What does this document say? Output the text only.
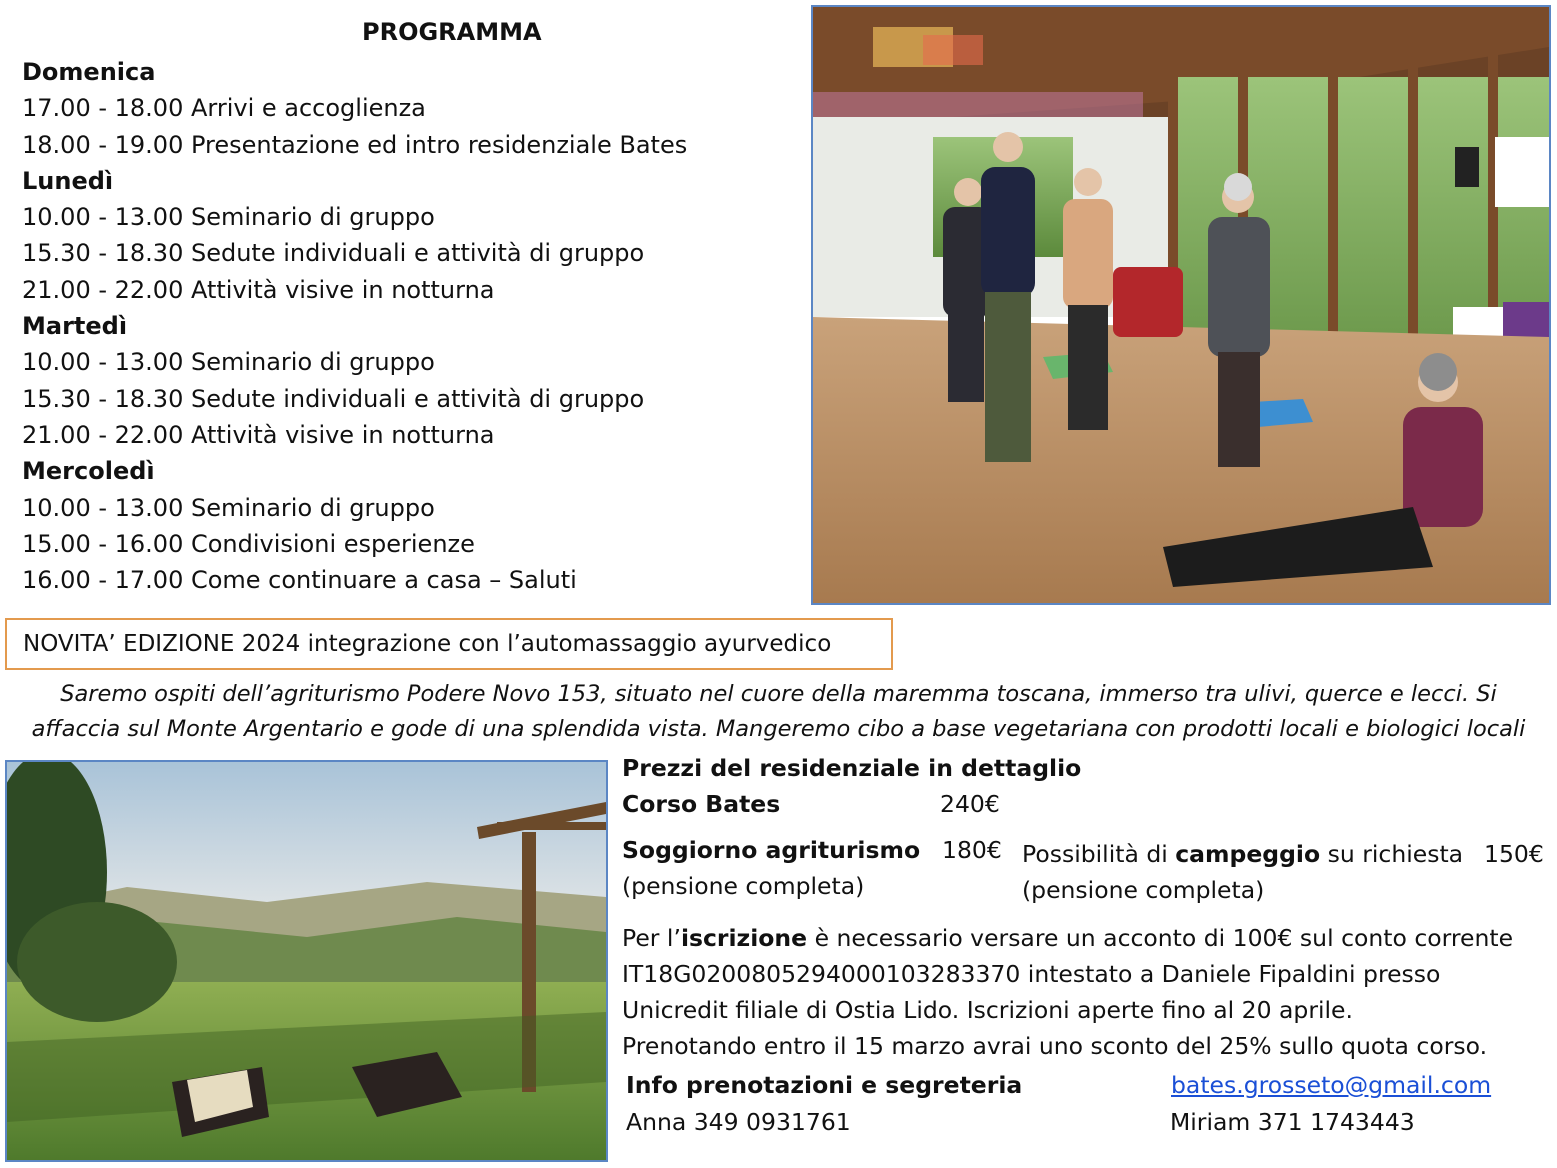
PROGRAMMA
Domenica
17.00 - 18.00 Arrivi e accoglienza
18.00 - 19.00 Presentazione ed intro residenziale Bates
Lunedì
10.00 - 13.00 Seminario di gruppo
15.30 - 18.30 Sedute individuali e attività di gruppo
21.00 - 22.00 Attività visive in notturna
Martedì
10.00 - 13.00 Seminario di gruppo
15.30 - 18.30 Sedute individuali e attività di gruppo
21.00 - 22.00 Attività visive in notturna
Mercoledì
10.00 - 13.00 Seminario di gruppo
15.00 - 16.00 Condivisioni esperienze
16.00 - 17.00 Come continuare a casa – Saluti
NOVITA’ EDIZIONE 2024 integrazione con l’automassaggio ayurvedico
Saremo ospiti dell’agriturismo Podere Novo 153, situato nel cuore della maremma toscana, immerso tra ulivi, querce e lecci. Si
affaccia sul Monte Argentario e gode di una splendida vista. Mangeremo cibo a base vegetariana con prodotti locali e biologici locali
Prezzi del residenziale in dettaglio
Corso Bates	240€
Soggiorno agriturismo 180€
(pensione completa)
Possibilità di campeggio su richiesta 150€
(pensione completa)
Per l’iscrizione è necessario versare un acconto di 100€ sul conto corrente
IT18G0200805294000103283370 intestato a Daniele Fipaldini presso
Unicredit filiale di Ostia Lido. Iscrizioni aperte fino al 20 aprile.
Prenotando entro il 15 marzo avrai uno sconto del 25% sullo quota corso.
Info prenotazioni e segreteria	bates.grosseto@gmail.com
Anna 349 0931761	Miriam 371 1743443
